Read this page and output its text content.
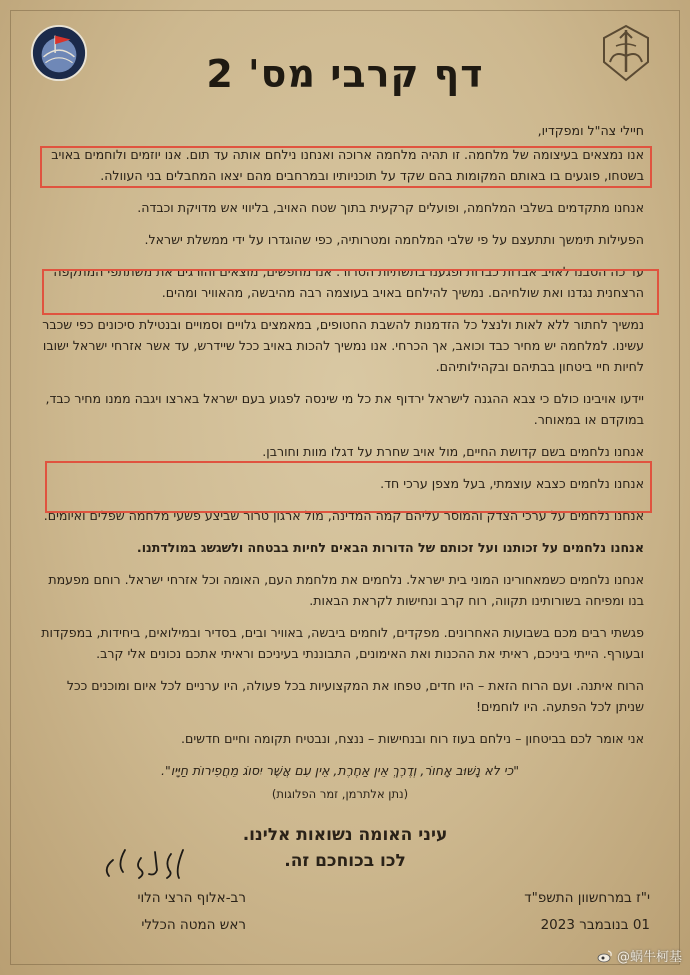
דף קרבי מס' 2

חיילי צה"ל ומפקדיו,

אנו נמצאים בעיצומה של מלחמה. זו תהיה מלחמה ארוכה ואנחנו נילחם אותה עד תום. אנו יוזמים ולוחמים באויב בשטחו, פוגעים בו באותם המקומות בהם שקד על תוכניותיו ובמרחבים מהם יצאו המחבלים בני העוולה.

אנחנו מתקדמים בשלבי המלחמה, ופועלים קרקעית בתוך שטח האויב, בליווי אש מדויקת וכבדה.

הפעילות תימשך ותתעצם על פי שלבי המלחמה ומטרותיה, כפי שהוגדרו על ידי ממשלת ישראל.

עד כה הסבנו לאויב אבדות כבדות ופגענו בתשתיות הטרור. אנו מחפשים, מוצאים והורגים את משתתפי המתקפה הרצחנית נגדנו ואת שולחיהם. נמשיך להילחם באויב בעוצמה רבה מהיבשה, מהאוויר ומהים.

נמשיך לחתור ללא לאות ולנצל כל הזדמנות להשבת החטופים, במאמצים גלויים וסמויים ובנטילת סיכונים כפי שכבר עשינו. למלחמה יש מחיר כבד וכואב, אך הכרחי. אנו נמשיך להכות באויב ככל שיידרש, עד אשר אזרחי ישראל ישובו לחיות חיי ביטחון בבתיהם ובקהילותיהם.

יידעו אויבינו כולם כי צבא ההגנה לישראל ירדוף את כל מי שינסה לפגוע בעם ישראל בארצו ויגבה ממנו מחיר כבד, במוקדם או במאוחר.

אנחנו נלחמים בשם קדושת החיים, מול אויב שחרת על דגלו מוות וחורבן.

אנחנו נלחמים כצבא עוצמתי, בעל מצפן ערכי חד.

אנחנו נלחמים על ערכי הצדק והמוסר עליהם קמה המדינה, מול ארגון טרור שביצע פשעי מלחמה שפלים ואיומים.

אנחנו נלחמים על זכותנו ועל זכותם של הדורות הבאים לחיות בבטחה ולשגשג במולדתנו.

אנחנו נלחמים כשמאחורינו המוני בית ישראל. נלחמים את מלחמת העם, האומה וכל אזרחי ישראל. רוחם מפעמת בנו ומפיחה בשורותינו תקווה, רוח קרב ונחישות לקראת הבאות.

פגשתי רבים מכם בשבועות האחרונים. מפקדים, לוחמים ביבשה, באוויר ובים, בסדיר ובמילואים, ביחידות, במפקדות ובעורף. הייתי ביניכם, ראיתי את ההכנות ואת האימונים, התבוננתי בעיניכם וראיתי אתכם נכונים אלי קרב.

הרוח איתנה. ועם הרוח הזאת – היו חדים, טפחו את המקצועיות בכל פעולה, היו ערניים לכל איום ומוכנים ככל שניתן לכל הפתעה. היו לוחמים!

אני אומר לכם בביטחון – נילחם בעוז רוח ובנחישות – ננצח, ונבטיח תקומה וחיים חדשים.

"כי לא נָשׁוּב אָחוֹר, וְדֶרֶךְ אֵין אַחֶרֶת, אֵין עִם אֲשֶׁר יִסוֹג מֵחֲפִירוֹת חַיָּיו".

(נתן אלתרמן, זמר הפלוגות)
עיני האומה נשואות אלינו.
לכו בכוחכם זה.
רב-אלוף הרצי הלוי
ראש המטה הכללי
י"ז במרחשוון התשפ"ד
01 בנובמבר 2023
@蜗牛柯基
